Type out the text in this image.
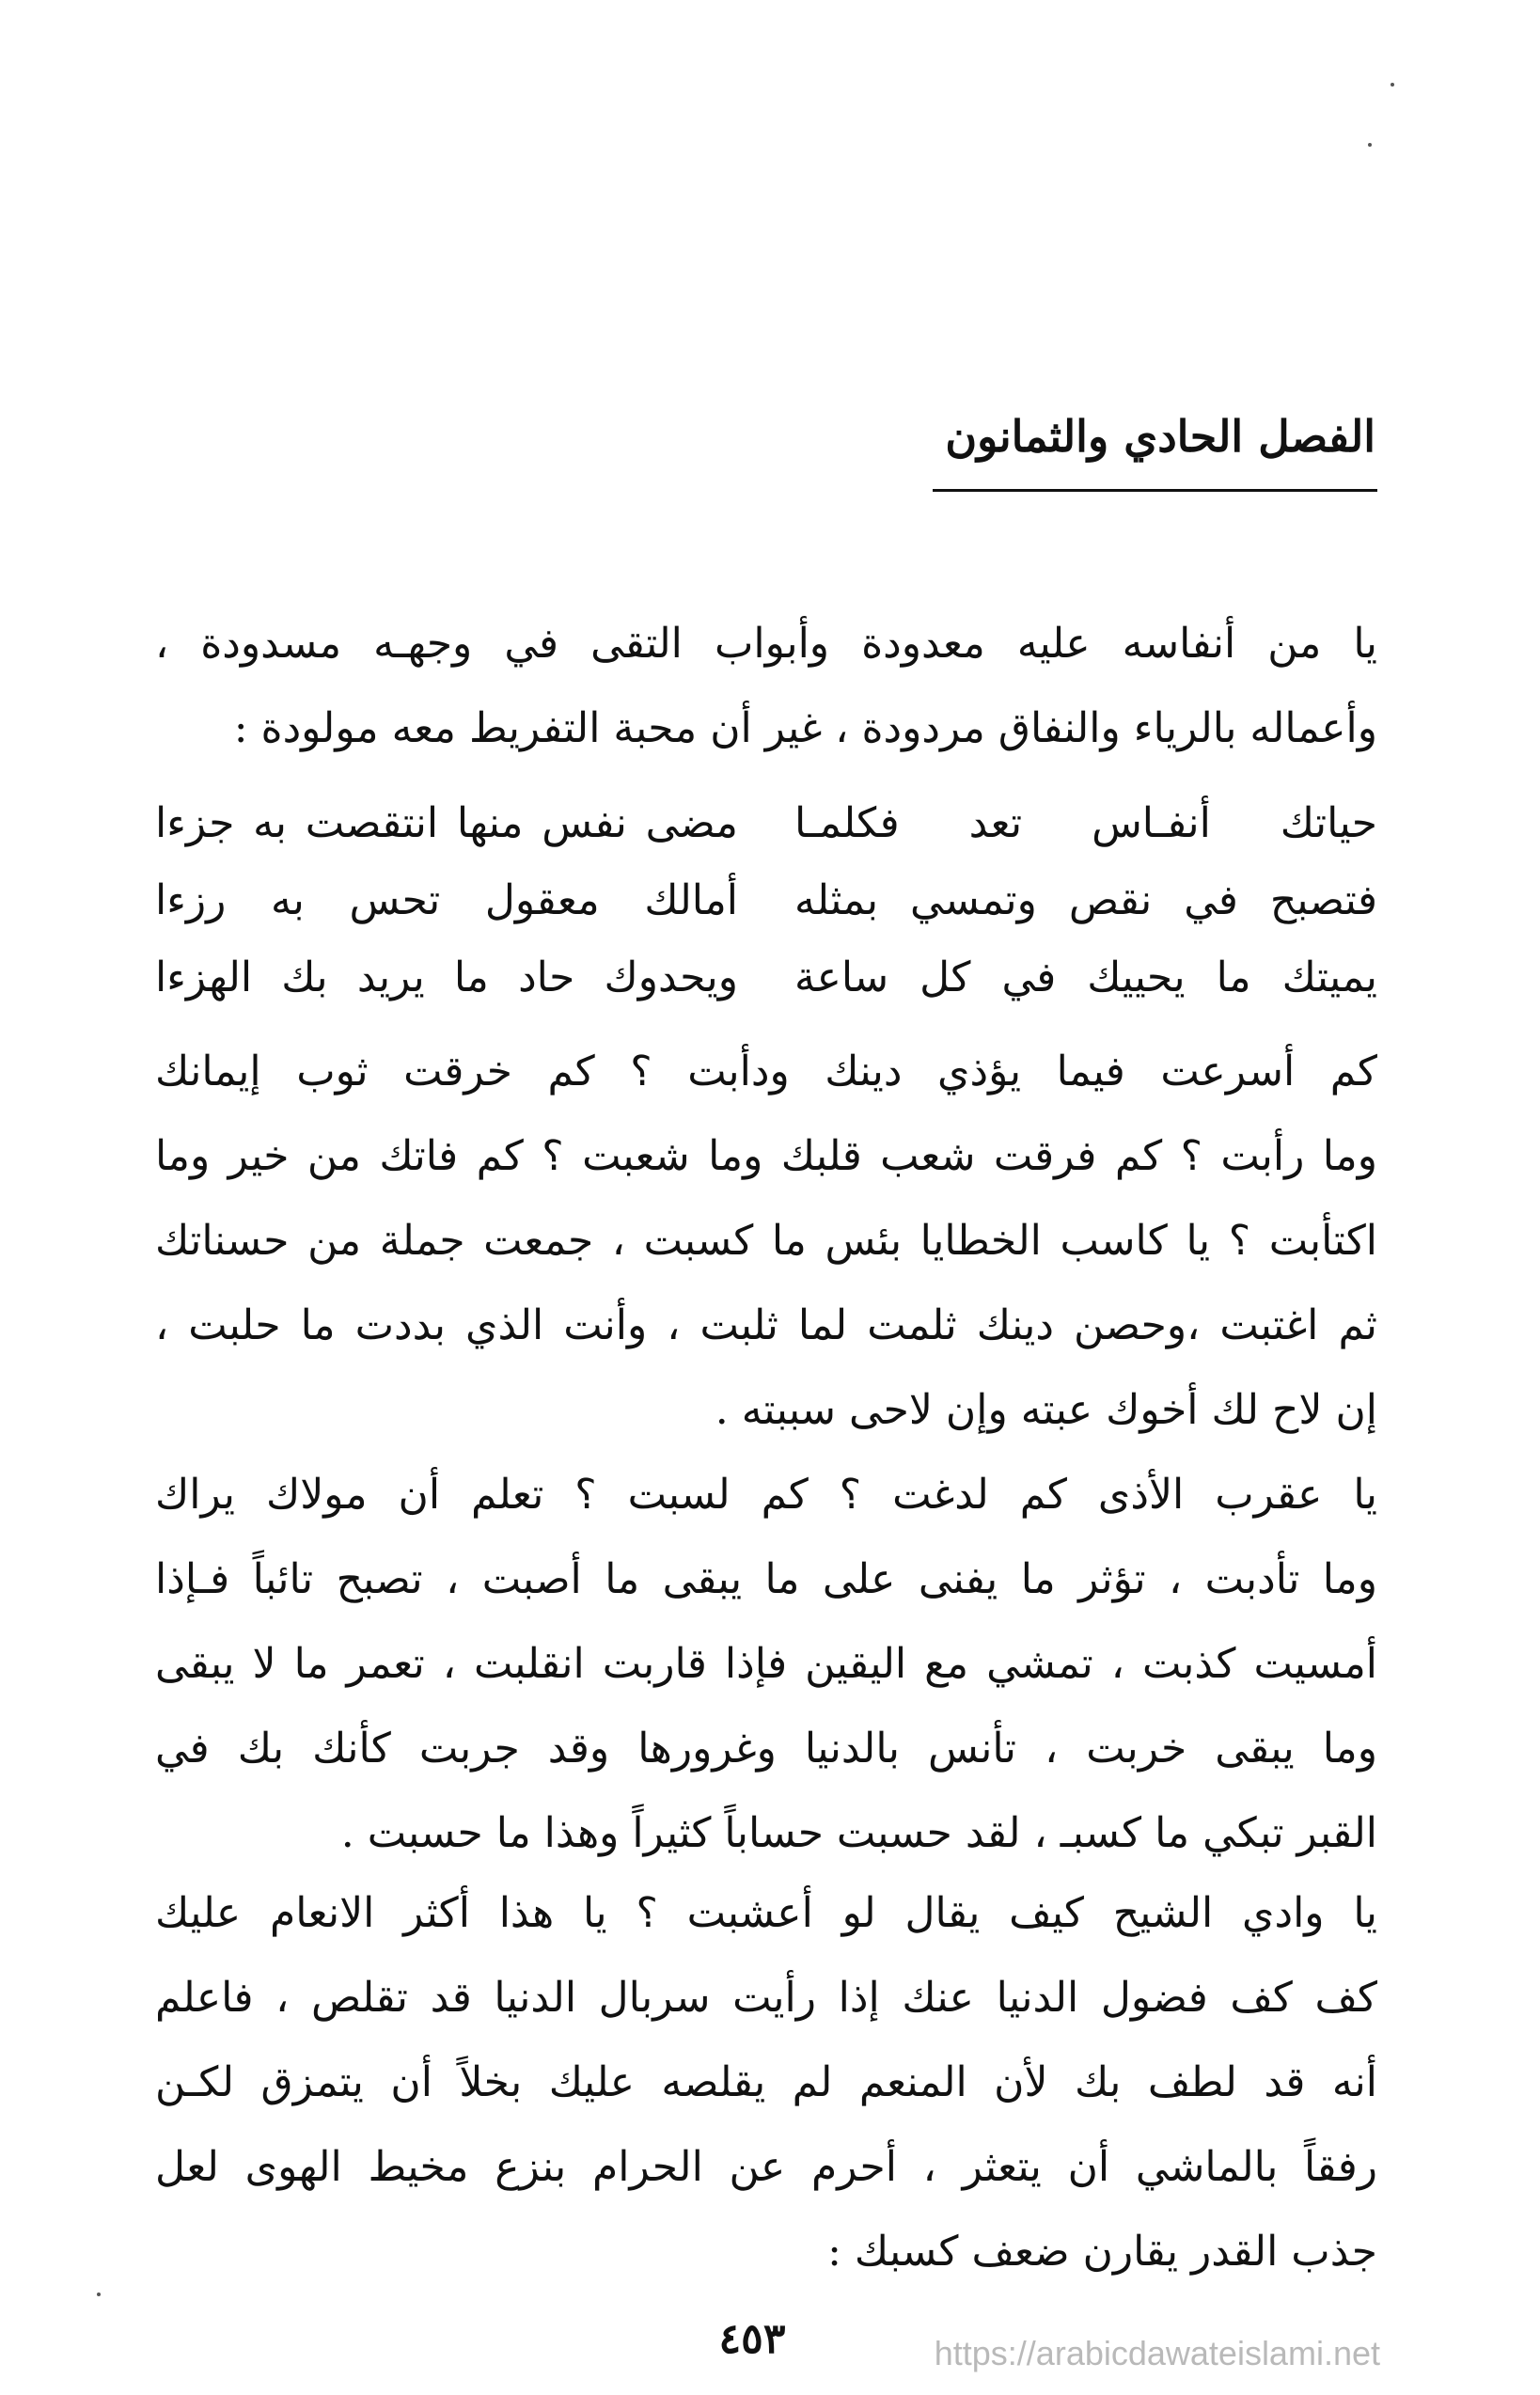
الفصل الحادي والثمانون
يا من أنفاسه عليه معدودة وأبواب التقى في وجهـه مسدودة ،
وأعماله بالرياء والنفاق مردودة ، غير أن محبة التفريط معه مولودة :
حياتك أنفـاس تعد فكلمـا
مضى نفس منها انتقصت به جزءا
فتصبح في نقص وتمسي بمثله
أمالك معقول تحس به رزءا
يميتك ما يحييك في كل ساعة
ويحدوك حاد ما يريد بك الهزءا
كم أسرعت فيما يؤذي دينك ودأبت ؟ كم خرقت ثوب إيمانك
وما رأبت ؟ كم فرقت شعب قلبك وما شعبت ؟ كم فاتك من خير وما
اكتأبت ؟ يا كاسب الخطايا بئس ما كسبت ، جمعت جملة من حسناتك
ثم اغتبت ،وحصن دينك ثلمت لما ثلبت ، وأنت الذي بددت ما حلبت ،
إن لاح لك أخوك عبته وإن لاحى سببته .
يا عقرب الأذى كم لدغت ؟ كم لسبت ؟ تعلم أن مولاك يراك
وما تأدبت ، تؤثر ما يفنى على ما يبقى ما أصبت ، تصبح تائباً فـإذا
أمسيت كذبت ، تمشي مع اليقين فإذا قاربت انقلبت ، تعمر ما لا يبقى
وما يبقى خربت ، تأنس بالدنيا وغرورها وقد جربت كأنك بك في
القبر تبكي ما كسبـ ، لقد حسبت حساباً كثيراً وهذا ما حسبت .
يا وادي الشيح كيف يقال لو أعشبت ؟ يا هذا أكثر الانعام عليك
كف كف فضول الدنيا عنك إذا رأيت سربال الدنيا قد تقلص ، فاعلم
أنه قد لطف بك لأن المنعم لم يقلصه عليك بخلاً أن يتمزق لكـن
رفقاً بالماشي أن يتعثر ، أحرم عن الحرام بنزع مخيط الهوى لعل
جذب القدر يقارن ضعف كسبك :
٤٥٣	https://arabicdawateislami.net
